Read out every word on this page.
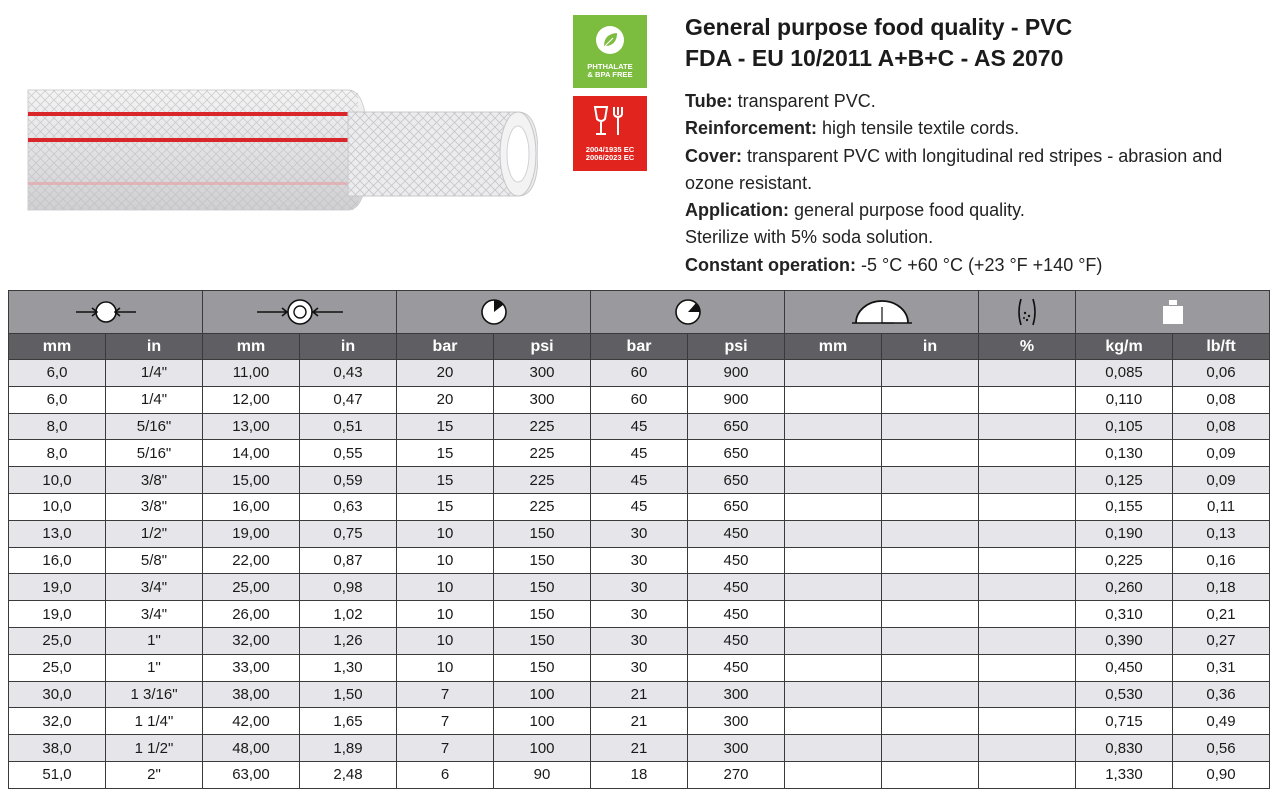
PHTHALATE
& BPA FREE
2004/1935 EC
2006/2023 EC
General purpose food quality - PVC
FDA - EU 10/2011 A+B+C - AS 2070

Tube: transparent PVC.

Reinforcement: high tensile textile cords.

Cover: transparent PVC with longitudinal red stripes - abrasion and ozone resistant.

Application: general purpose food quality.

Sterilize with 5% soda solution.

Constant operation: -5 °C +60 °C (+23 °F +140 °F)

mm	in	mm	in	bar	psi	bar	psi	mm	in	%	kg/m	lb/ft
6,0	1/4"	11,00	0,43	20	300	60	900				0,085	0,06
6,0	1/4"	12,00	0,47	20	300	60	900				0,110	0,08
8,0	5/16"	13,00	0,51	15	225	45	650				0,105	0,08
8,0	5/16"	14,00	0,55	15	225	45	650				0,130	0,09
10,0	3/8"	15,00	0,59	15	225	45	650				0,125	0,09
10,0	3/8"	16,00	0,63	15	225	45	650				0,155	0,11
13,0	1/2"	19,00	0,75	10	150	30	450				0,190	0,13
16,0	5/8"	22,00	0,87	10	150	30	450				0,225	0,16
19,0	3/4"	25,00	0,98	10	150	30	450				0,260	0,18
19,0	3/4"	26,00	1,02	10	150	30	450				0,310	0,21
25,0	1"	32,00	1,26	10	150	30	450				0,390	0,27
25,0	1"	33,00	1,30	10	150	30	450				0,450	0,31
30,0	1 3/16"	38,00	1,50	7	100	21	300				0,530	0,36
32,0	1 1/4"	42,00	1,65	7	100	21	300				0,715	0,49
38,0	1 1/2"	48,00	1,89	7	100	21	300				0,830	0,56
51,0	2"	63,00	2,48	6	90	18	270				1,330	0,90
